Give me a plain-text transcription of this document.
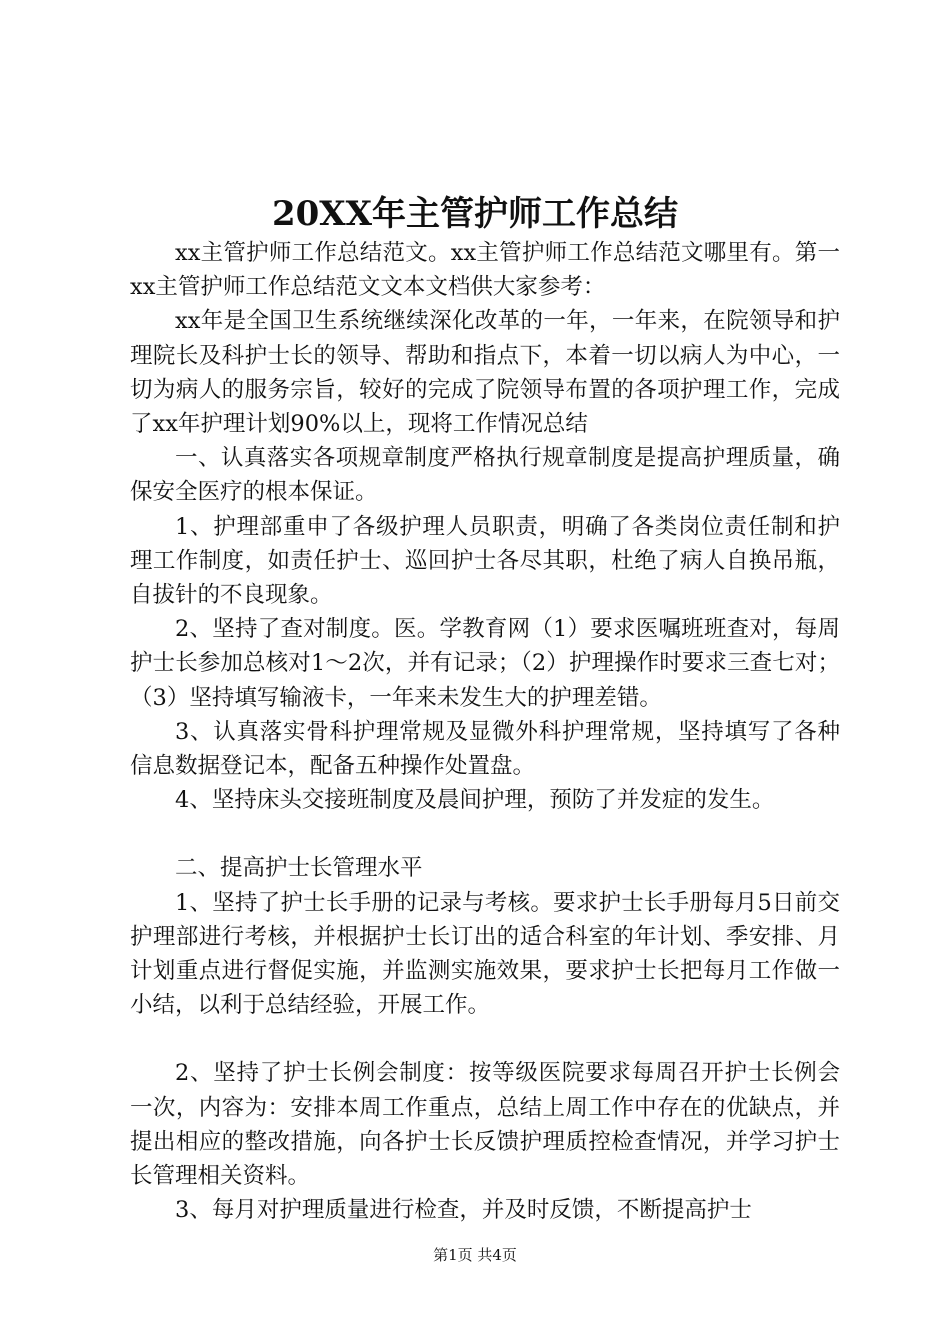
20XX年主管护师工作总结

xx主管护师工作总结范文。xx主管护师工作总结范文哪里有。第一xx主管护师工作总结范文文本文档供大家参考：

xx年是全国卫生系统继续深化改革的一年，一年来，在院领导和护理院长及科护士长的领导、帮助和指点下，本着一切以病人为中心，一切为病人的服务宗旨，较好的完成了院领导布置的各项护理工作，完成了xx年护理计划90%以上，现将工作情况总结

一、认真落实各项规章制度严格执行规章制度是提高护理质量，确保安全医疗的根本保证。

1、护理部重申了各级护理人员职责，明确了各类岗位责任制和护理工作制度，如责任护士、巡回护士各尽其职，杜绝了病人自换吊瓶，自拔针的不良现象。

2、坚持了查对制度。医。学教育网（1）要求医嘱班班查对，每周护士长参加总核对1～2次，并有记录；（2）护理操作时要求三查七对；（3）坚持填写输液卡，一年来未发生大的护理差错。

3、认真落实骨科护理常规及显微外科护理常规，坚持填写了各种信息数据登记本，配备五种操作处置盘。

4、坚持床头交接班制度及晨间护理，预防了并发症的发生。

二、提高护士长管理水平

1、坚持了护士长手册的记录与考核。要求护士长手册每月5日前交护理部进行考核，并根据护士长订出的适合科室的年计划、季安排、月计划重点进行督促实施，并监测实施效果，要求护士长把每月工作做一小结，以利于总结经验，开展工作。

2、坚持了护士长例会制度：按等级医院要求每周召开护士长例会一次，内容为：安排本周工作重点，总结上周工作中存在的优缺点，并提出相应的整改措施，向各护士长反馈护理质控检查情况，并学习护士长管理相关资料。

3、每月对护理质量进行检查，并及时反馈，不断提高护士

第1页 共4页
